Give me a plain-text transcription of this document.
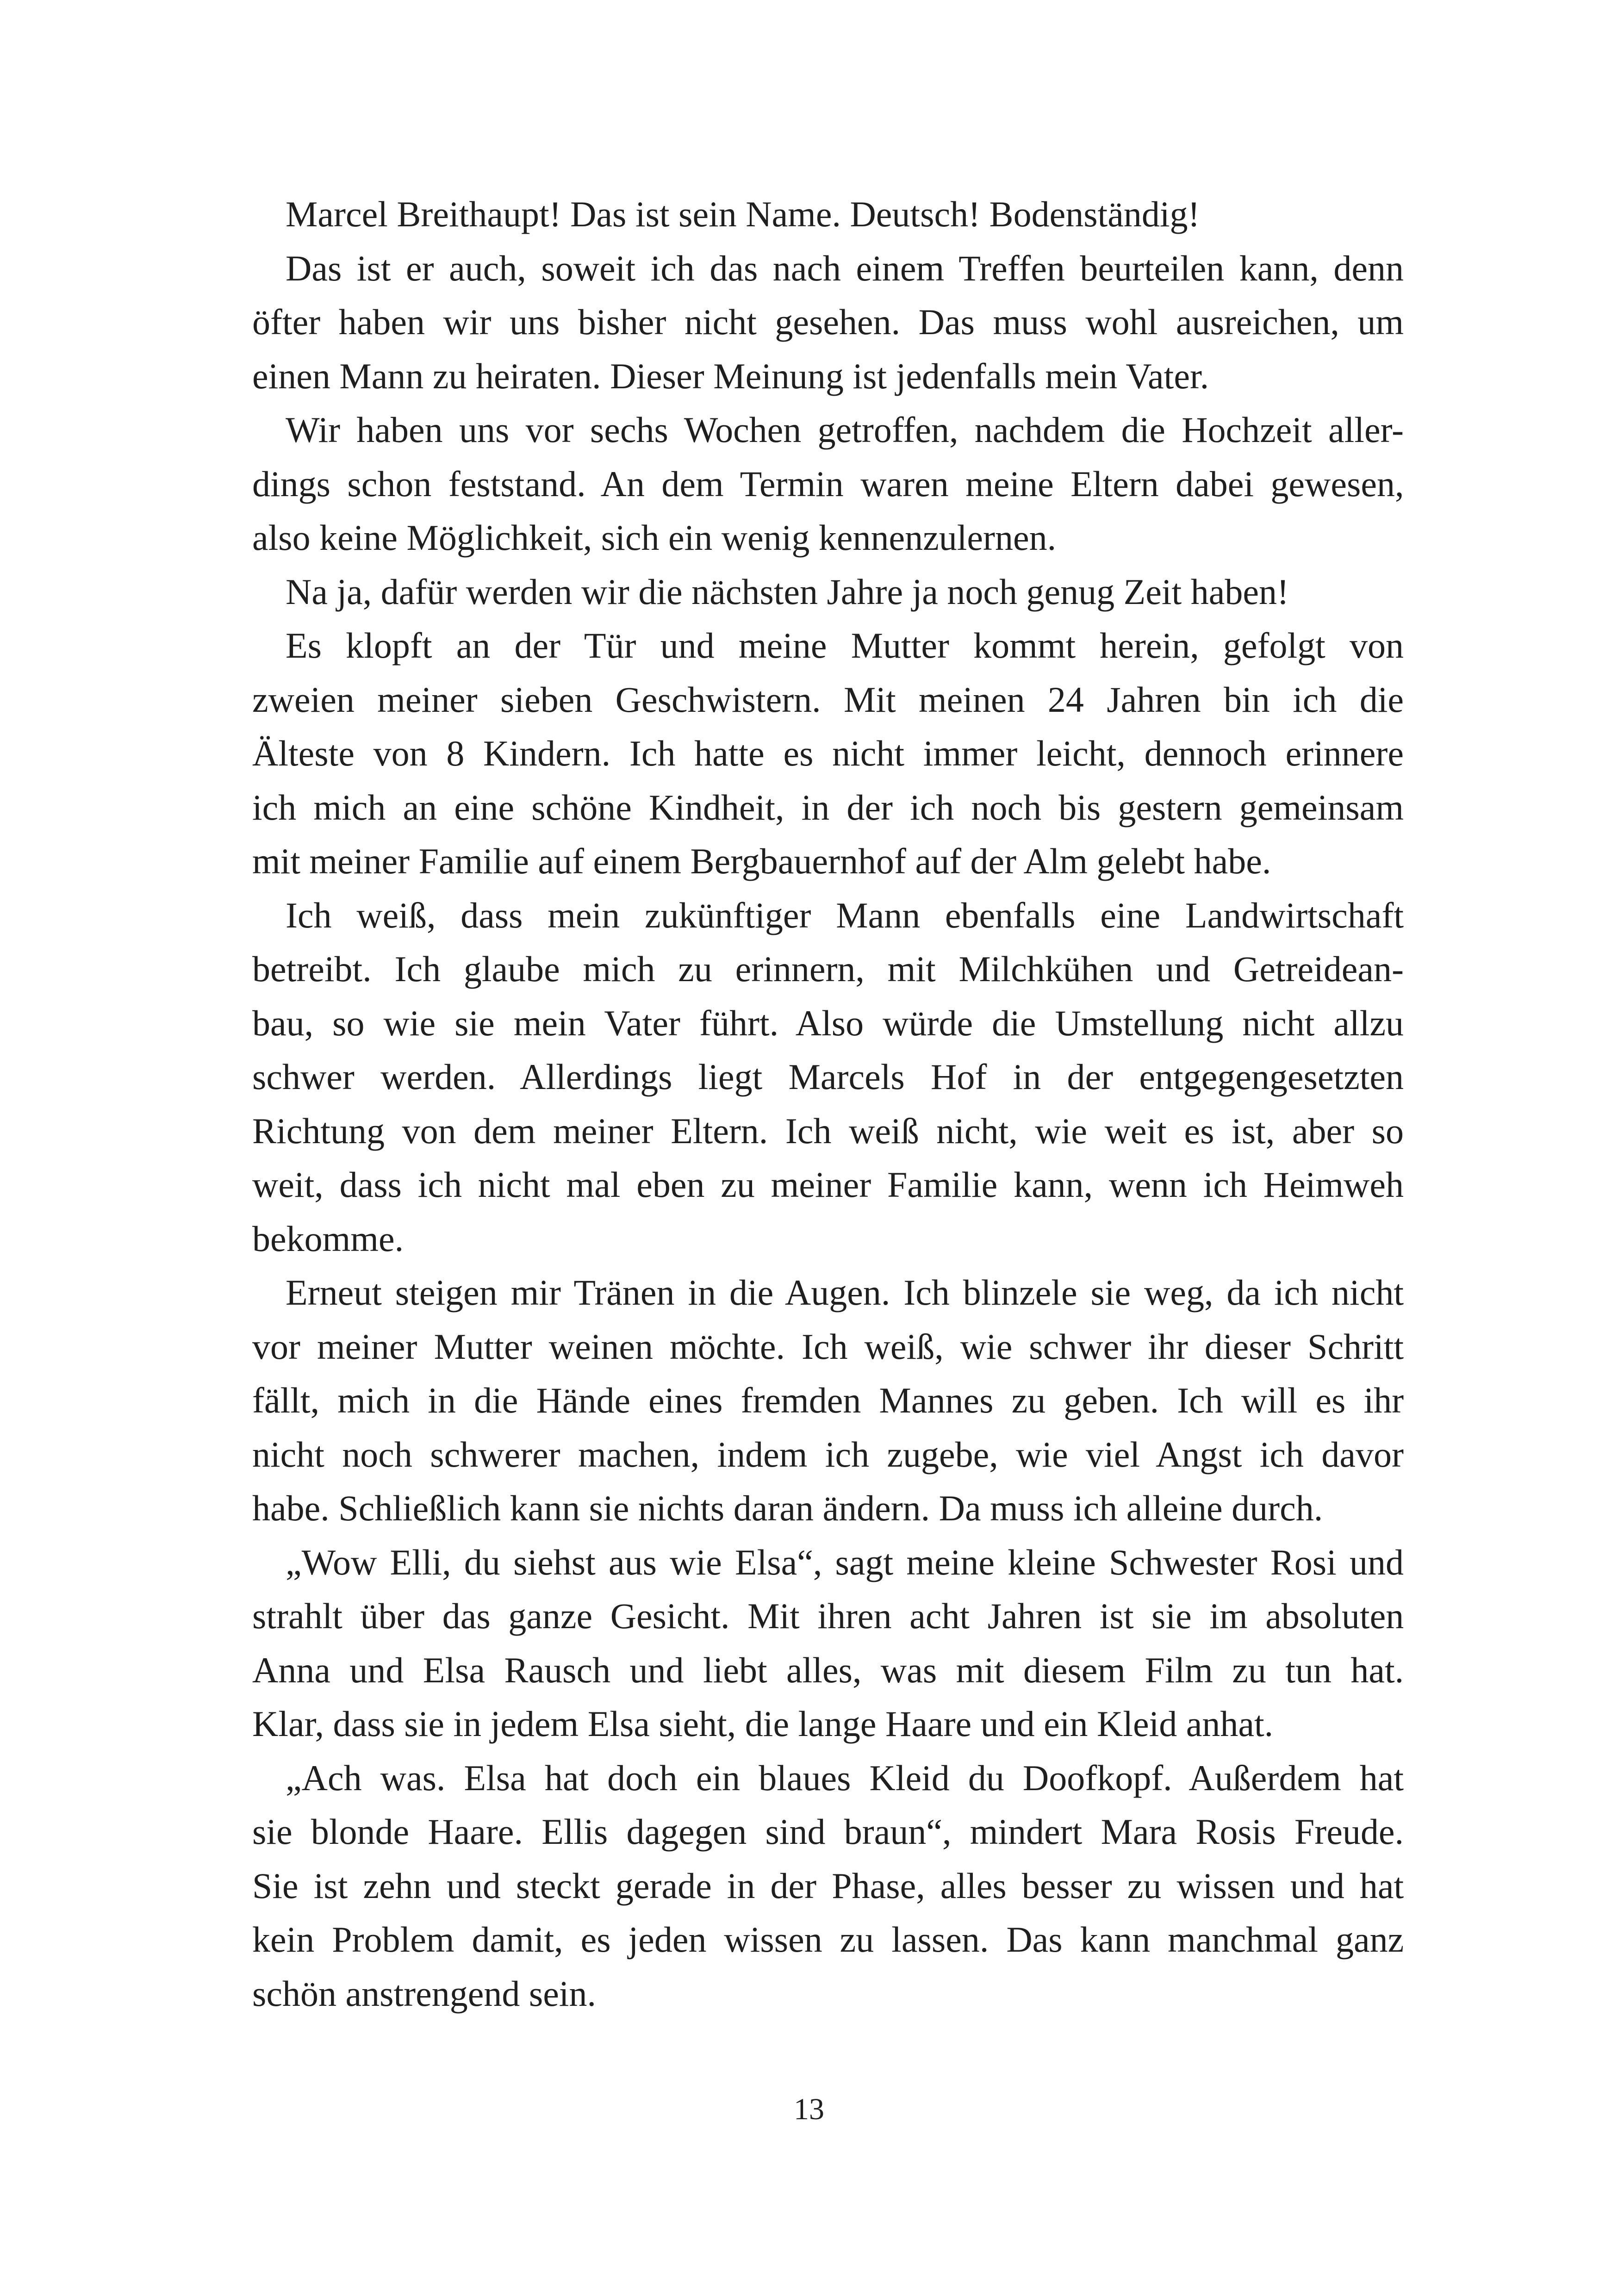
Marcel Breithaupt! Das ist sein Name. Deutsch! Bodenständig!
Das ist er auch, soweit ich das nach einem Treffen beurteilen kann, denn
öfter haben wir uns bisher nicht gesehen. Das muss wohl ausreichen, um
einen Mann zu heiraten. Dieser Meinung ist jedenfalls mein Vater.
Wir haben uns vor sechs Wochen getroffen, nachdem die Hochzeit aller-
dings schon feststand. An dem Termin waren meine Eltern dabei gewesen,
also keine Möglichkeit, sich ein wenig kennenzulernen.
Na ja, dafür werden wir die nächsten Jahre ja noch genug Zeit haben!
Es klopft an der Tür und meine Mutter kommt herein, gefolgt von
zweien meiner sieben Geschwistern. Mit meinen 24 Jahren bin ich die
Älteste von 8 Kindern. Ich hatte es nicht immer leicht, dennoch erinnere
ich mich an eine schöne Kindheit, in der ich noch bis gestern gemeinsam
mit meiner Familie auf einem Bergbauernhof auf der Alm gelebt habe.
Ich weiß, dass mein zukünftiger Mann ebenfalls eine Landwirtschaft
betreibt. Ich glaube mich zu erinnern, mit Milchkühen und Getreidean-
bau, so wie sie mein Vater führt. Also würde die Umstellung nicht allzu
schwer werden. Allerdings liegt Marcels Hof in der entgegengesetzten
Richtung von dem meiner Eltern. Ich weiß nicht, wie weit es ist, aber so
weit, dass ich nicht mal eben zu meiner Familie kann, wenn ich Heimweh
bekomme.
Erneut steigen mir Tränen in die Augen. Ich blinzele sie weg, da ich nicht
vor meiner Mutter weinen möchte. Ich weiß, wie schwer ihr dieser Schritt
fällt, mich in die Hände eines fremden Mannes zu geben. Ich will es ihr
nicht noch schwerer machen, indem ich zugebe, wie viel Angst ich davor
habe. Schließlich kann sie nichts daran ändern. Da muss ich alleine durch.
„Wow Elli, du siehst aus wie Elsa“, sagt meine kleine Schwester Rosi und
strahlt über das ganze Gesicht. Mit ihren acht Jahren ist sie im absoluten
Anna und Elsa Rausch und liebt alles, was mit diesem Film zu tun hat.
Klar, dass sie in jedem Elsa sieht, die lange Haare und ein Kleid anhat.
„Ach was. Elsa hat doch ein blaues Kleid du Doofkopf. Außerdem hat
sie blonde Haare. Ellis dagegen sind braun“, mindert Mara Rosis Freude.
Sie ist zehn und steckt gerade in der Phase, alles besser zu wissen und hat
kein Problem damit, es jeden wissen zu lassen. Das kann manchmal ganz
schön anstrengend sein.
13
